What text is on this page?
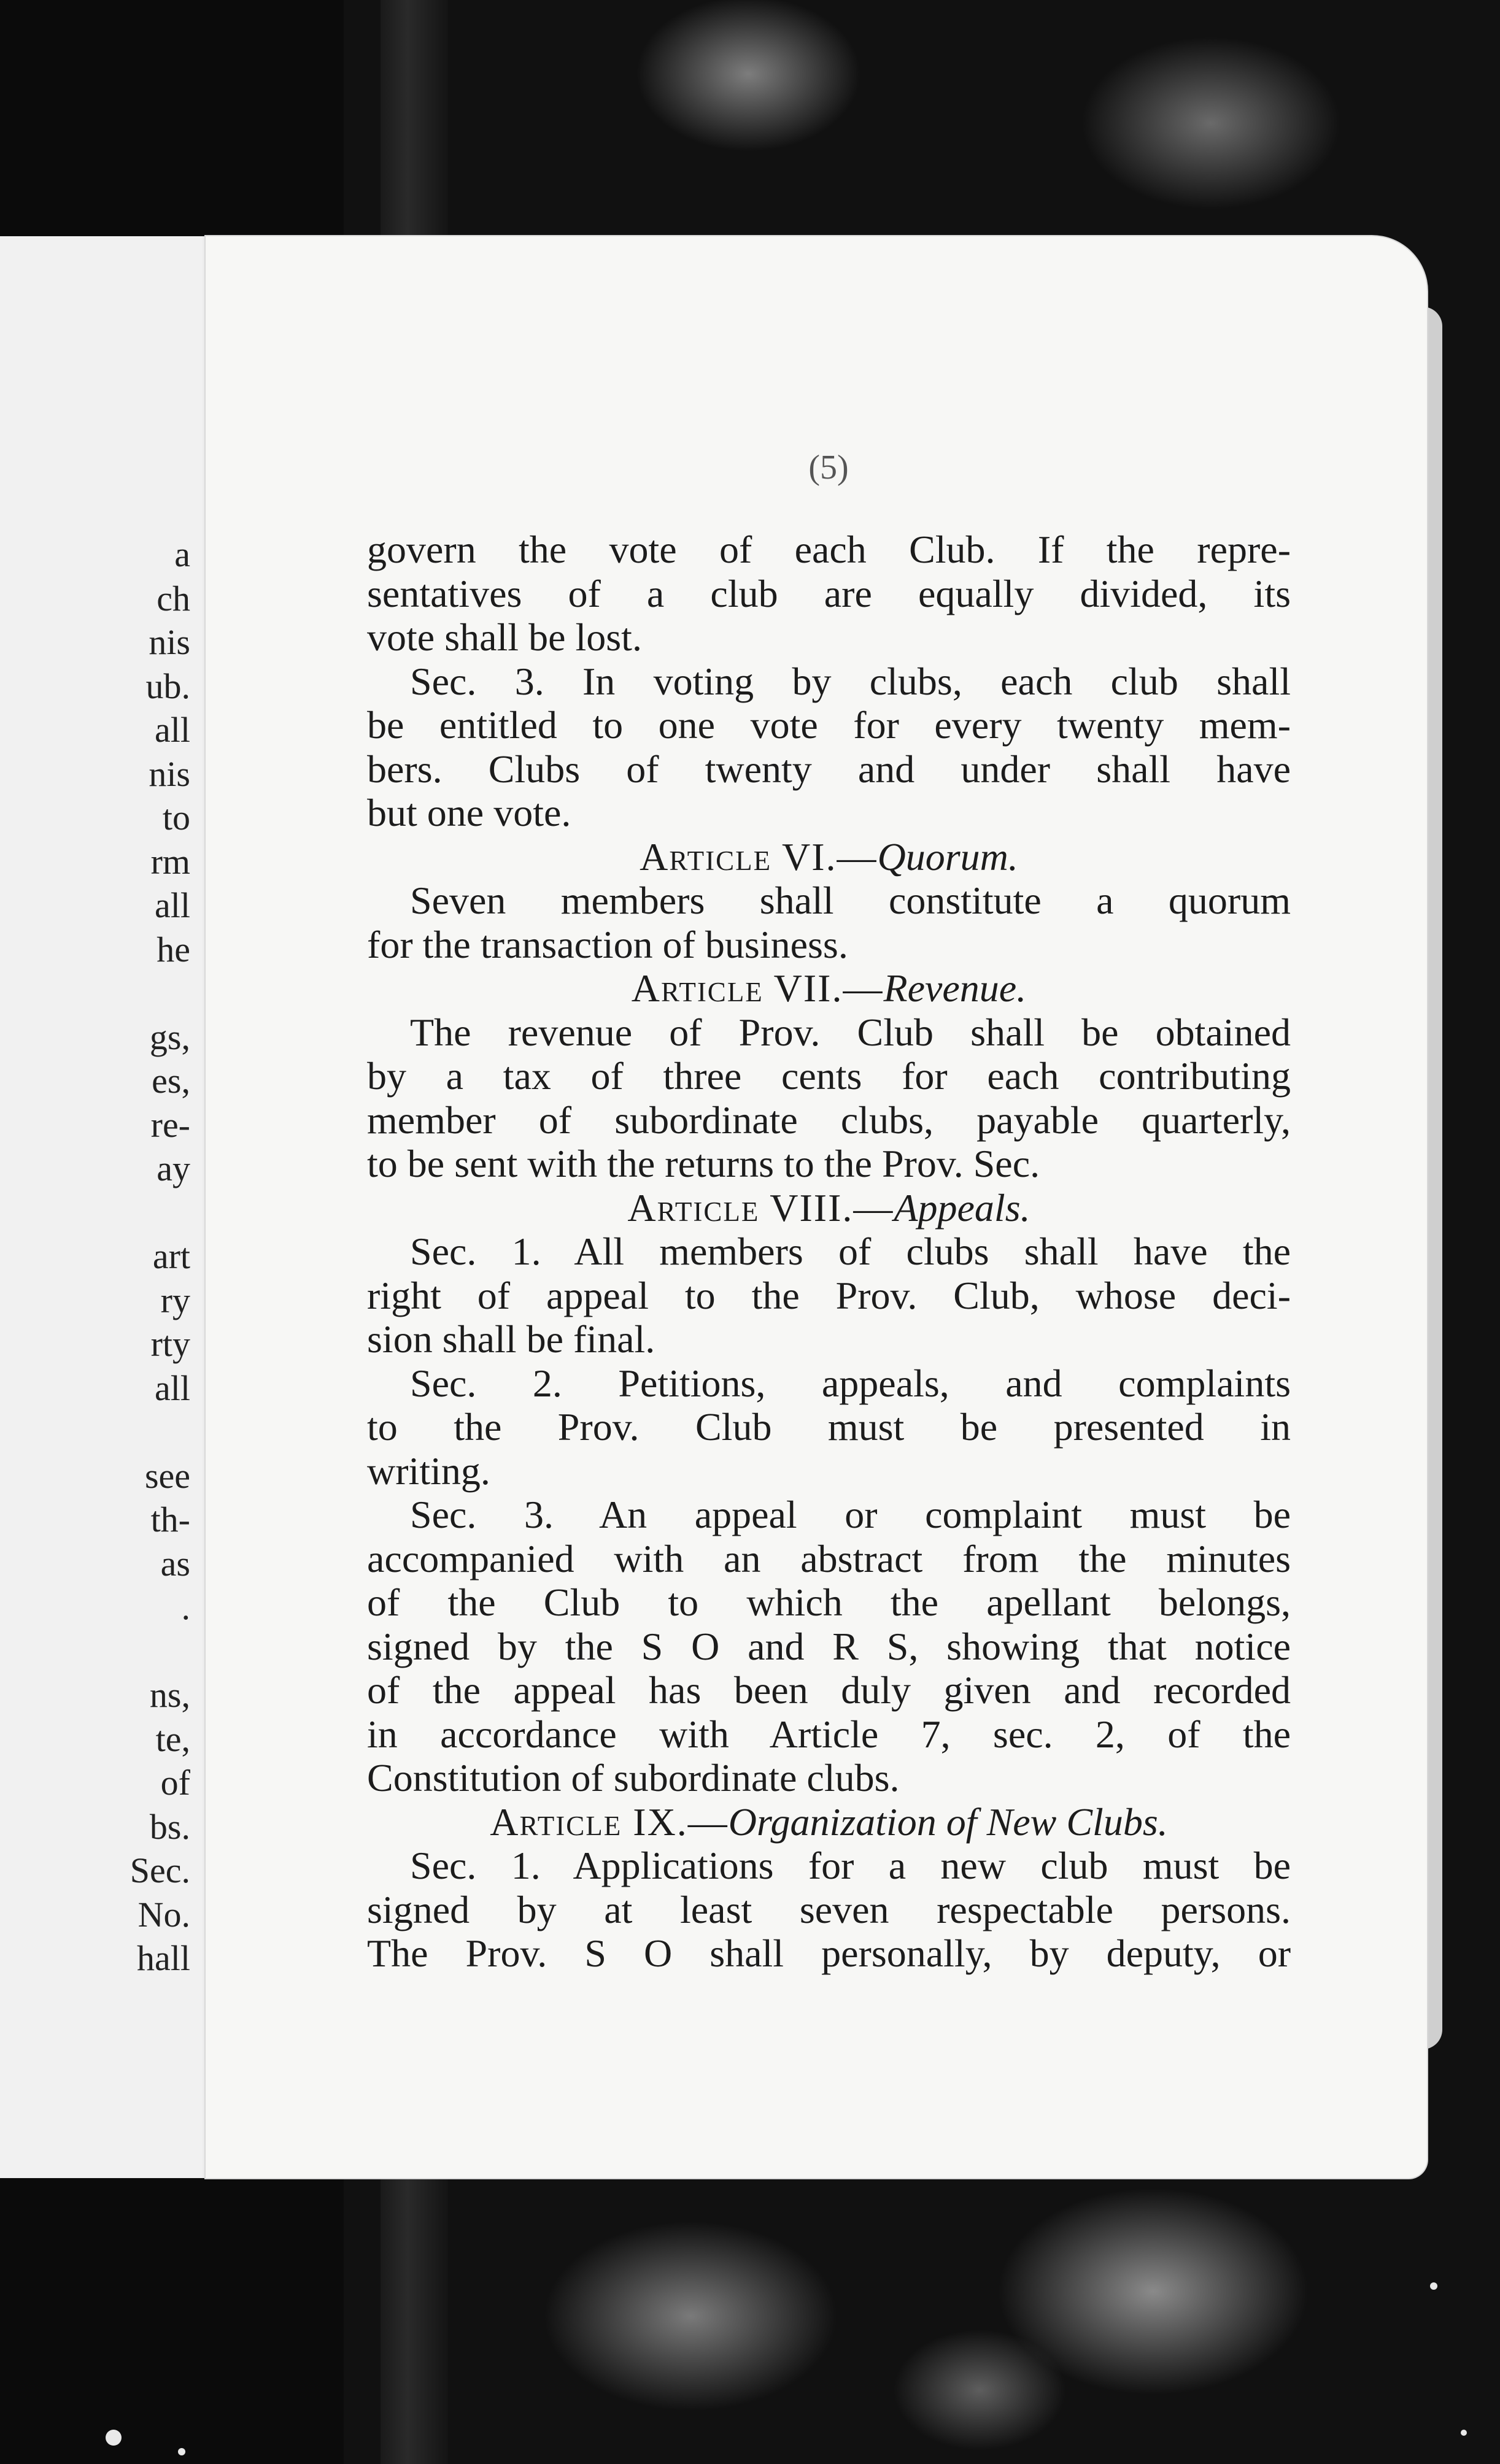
a
ch
nis
ub.
all
nis
to
rm
all
he
gs,
es,
re-
ay
art
ry
rty
all
see
th-
as
.
ns,
te,
of
bs.
Sec.
No.
hall
(5)
govern the vote of each Club. If the repre-
sentatives of a club are equally divided, its
vote shall be lost.
Sec. 3. In voting by clubs, each club shall
be entitled to one vote for every twenty mem-
bers. Clubs of twenty and under shall have
but one vote.
Article VI.—Quorum.
Seven members shall constitute a quorum
for the transaction of business.
Article VII.—Revenue.
The revenue of Prov. Club shall be obtained
by a tax of three cents for each contributing
member of subordinate clubs, payable quarterly,
to be sent with the returns to the Prov. Sec.
Article VIII.—Appeals.
Sec. 1. All members of clubs shall have the
right of appeal to the Prov. Club, whose deci-
sion shall be final.
Sec. 2. Petitions, appeals, and complaints
to the Prov. Club must be presented in
writing.
Sec. 3. An appeal or complaint must be
accompanied with an abstract from the minutes
of the Club to which the apellant belongs,
signed by the S O and R S, showing that notice
of the appeal has been duly given and recorded
in accordance with Article 7, sec. 2, of the
Constitution of subordinate clubs.
Article IX.—Organization of New Clubs.
Sec. 1. Applications for a new club must be
signed by at least seven respectable persons.
The Prov. S O shall personally, by deputy, or
